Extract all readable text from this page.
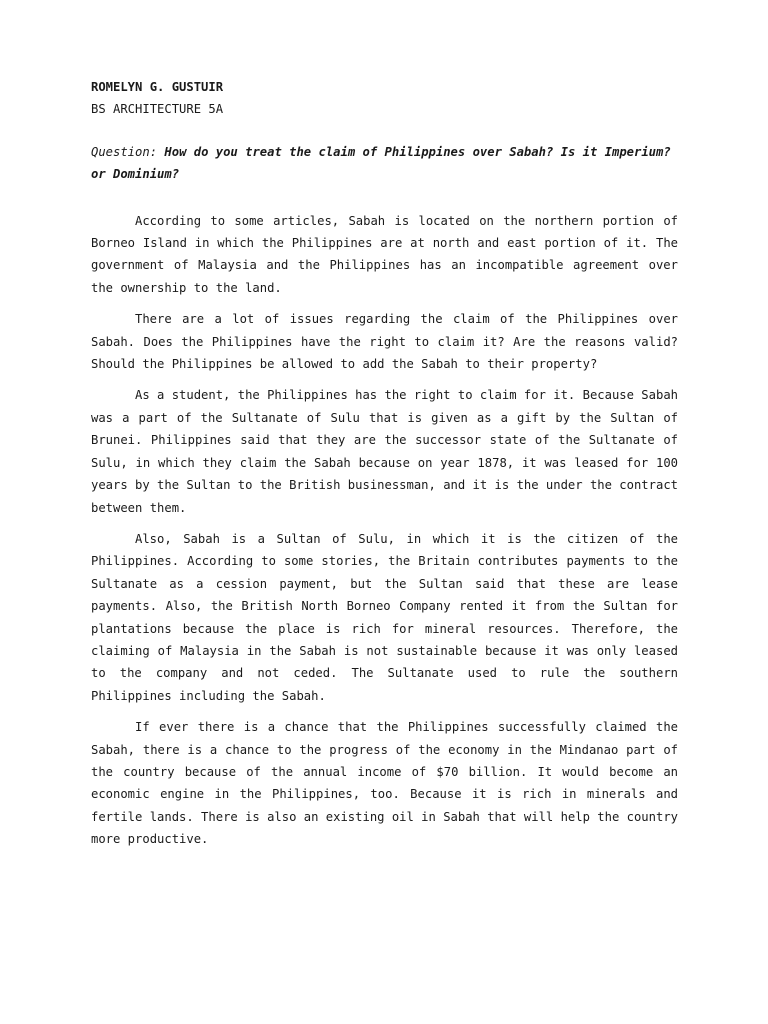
ROMELYN G. GUSTUIR

BS ARCHITECTURE 5A

Question: How do you treat the claim of Philippines over Sabah? Is it Imperium? or Dominium?

According to some articles, Sabah is located on the northern portion of Borneo Island in which the Philippines are at north and east portion of it. The government of Malaysia and the Philippines has an incompatible agreement over the ownership to the land.

There are a lot of issues regarding the claim of the Philippines over Sabah. Does the Philippines have the right to claim it? Are the reasons valid? Should the Philippines be allowed to add the Sabah to their property?

As a student, the Philippines has the right to claim for it. Because Sabah was a part of the Sultanate of Sulu that is given as a gift by the Sultan of Brunei. Philippines said that they are the successor state of the Sultanate of Sulu, in which they claim the Sabah because on year 1878, it was leased for 100 years by the Sultan to the British businessman, and it is the under the contract between them.

Also, Sabah is a Sultan of Sulu, in which it is the citizen of the Philippines. According to some stories, the Britain contributes payments to the Sultanate as a cession payment, but the Sultan said that these are lease payments. Also, the British North Borneo Company rented it from the Sultan for plantations because the place is rich for mineral resources. Therefore, the claiming of Malaysia in the Sabah is not sustainable because it was only leased to the company and not ceded. The Sultanate used to rule the southern Philippines including the Sabah.

If ever there is a chance that the Philippines successfully claimed the Sabah, there is a chance to the progress of the economy in the Mindanao part of the country because of the annual income of $70 billion. It would become an economic engine in the Philippines, too. Because it is rich in minerals and fertile lands. There is also an existing oil in Sabah that will help the country more productive.
